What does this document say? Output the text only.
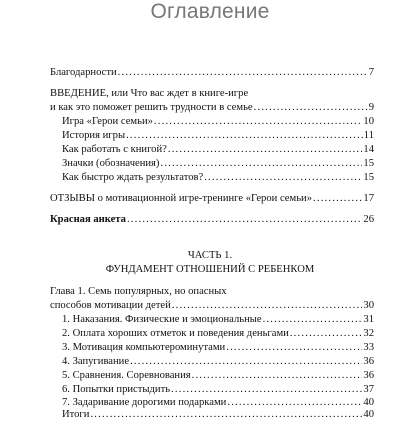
Оглавление
Благодарности .....	7
ВВЕДЕНИЕ, или Что вас ждет в книге-игре
и как это поможет решить трудности в семье .....	9
Игра «Герои семьи» .....	10
История игры .....	11
Как работать с книгой? .....	14
Значки (обозначения) .....	15
Как быстро ждать результатов? .....	15
ОТЗЫВЫ о мотивационной игре-тренинге «Герои семьи» .....	17
Красная анкета .....	26
ЧАСТЬ 1.
ФУНДАМЕНТ ОТНОШЕНИЙ С РЕБЕНКОМ
Глава 1. Семь популярных, но опасных
способов мотивации детей .....	30
1. Наказания. Физические и эмоциональные .....	31
2. Оплата хороших отметок и поведения деньгами .....	32
3. Мотивация компьютероминутами .....	33
4. Запугивание .....	36
5. Сравнения. Соревнования .....	36
6. Попытки пристыдить .....	37
7. Задаривание дорогими подарками .....	40
Итоги .....	40
